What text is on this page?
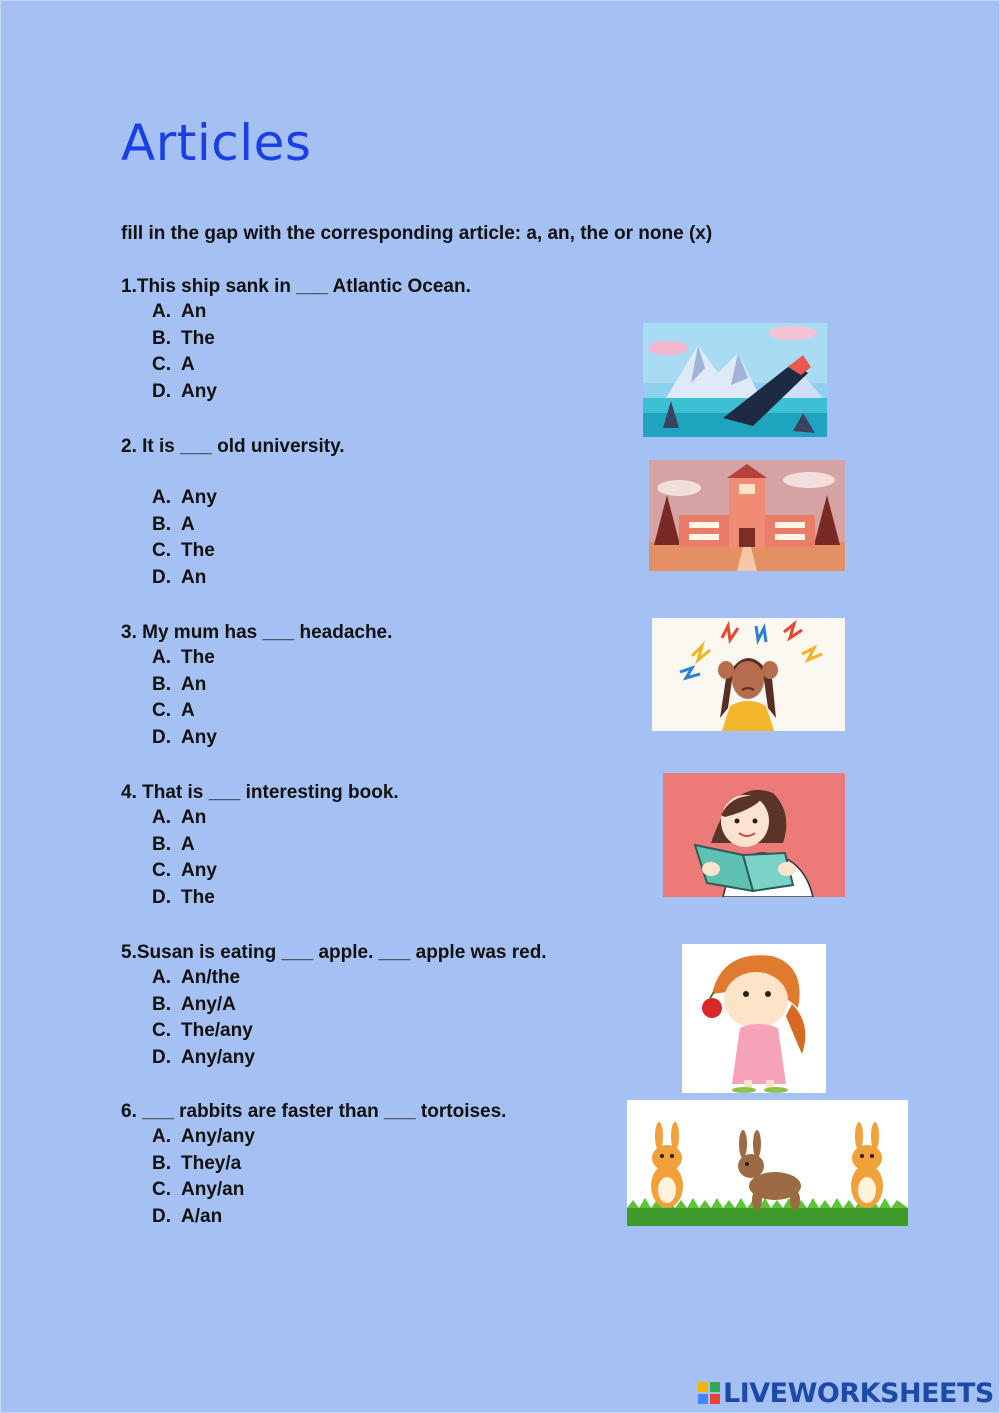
Articles
fill in the gap with the corresponding article: a, an, the or none (x)
1.This ship sank in ___ Atlantic Ocean.
A. An
B. The
C. A
D. Any
2. It is ___ old university.
A. Any
B. A
C. The
D. An
3. My mum has ___ headache.
A. The
B. An
C. A
D. Any
4. That is ___ interesting book.
A. An
B. A
C. Any
D. The
5.Susan is eating ___ apple. ___ apple was red.
A. An/the
B. Any/A
C. The/any
D. Any/any
6. ___ rabbits are faster than ___ tortoises.
A. Any/any
B. They/a
C. Any/an
D. A/an
LIVEWORKSHEETS
